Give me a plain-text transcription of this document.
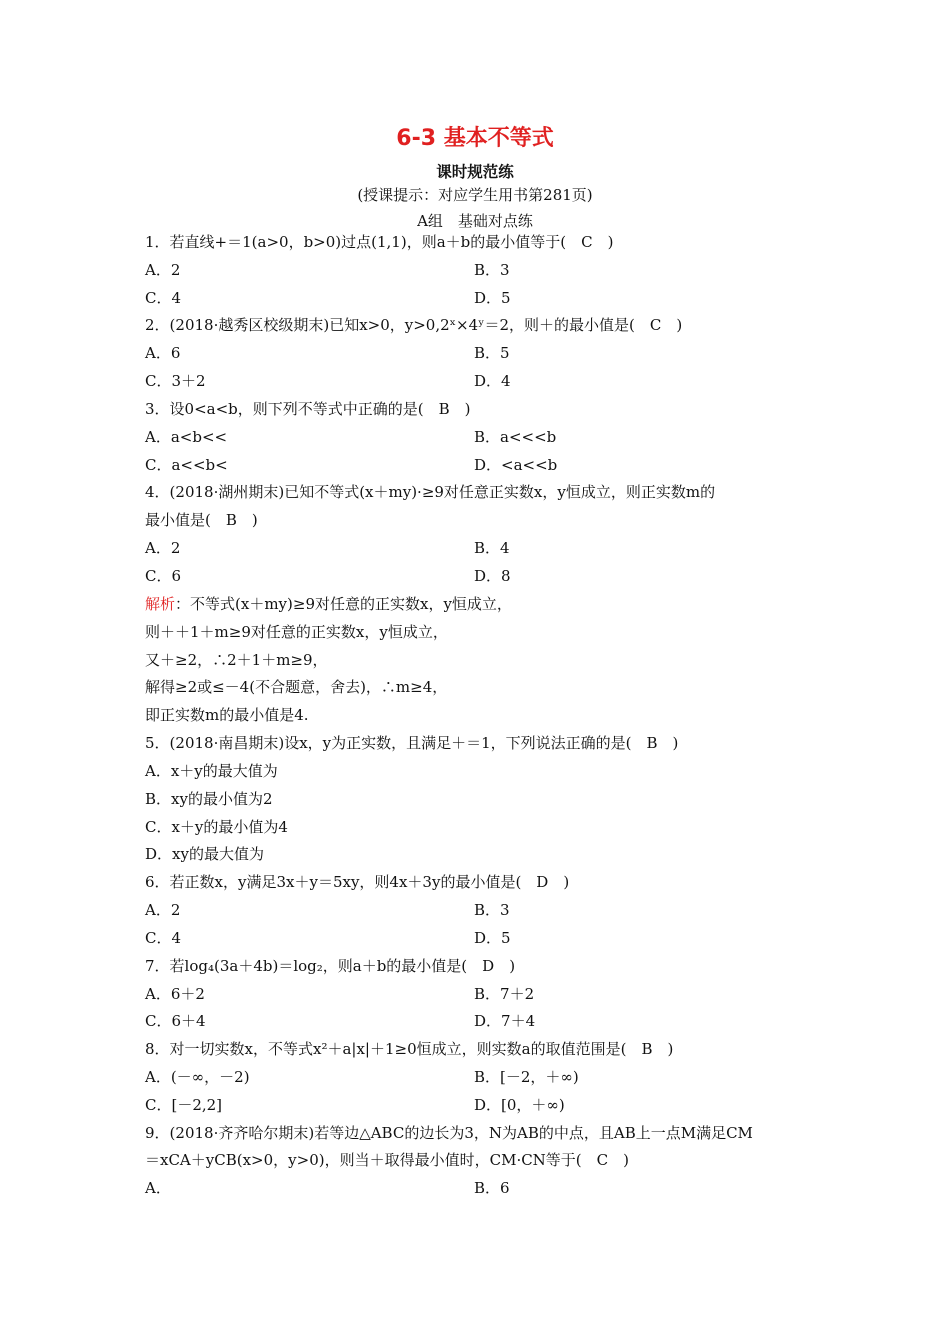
6-3 基本不等式
课时规范练
(授课提示：对应学生用书第281页)
A组　基础对点练
1．若直线+＝1(a>0，b>0)过点(1,1)，则a＋b的最小值等于(　C　)
A．2	B．3
C．4	D．5
2．(2018·越秀区校级期末)已知x>0，y>0,2ˣ×4ʸ＝2，则＋的最小值是(　C　)
A．6	B．5
C．3＋2	D．4
3．设0<a<b，则下列不等式中正确的是(　B　)
A．a<b<<	B．a<<<b
C．a<<b<	D．<a<<b
4．(2018·湖州期末)已知不等式(x＋my)·≥9对任意正实数x，y恒成立，则正实数m的
最小值是(　B　)
A．2	B．4
C．6	D．8
解析：不等式(x＋my)≥9对任意的正实数x，y恒成立，
则＋＋1＋m≥9对任意的正实数x，y恒成立，
又＋≥2，∴2＋1＋m≥9，
解得≥2或≤－4(不合题意，舍去)，∴m≥4，
即正实数m的最小值是4.
5．(2018·南昌期末)设x，y为正实数，且满足＋＝1，下列说法正确的是(　B　)
A．x＋y的最大值为
B．xy的最小值为2
C．x＋y的最小值为4
D．xy的最大值为
6．若正数x，y满足3x＋y＝5xy，则4x＋3y的最小值是(　D　)
A．2	B．3
C．4	D．5
7．若log₄(3a＋4b)＝log₂，则a＋b的最小值是(　D　)
A．6＋2	B．7＋2
C．6＋4	D．7＋4
8．对一切实数x，不等式x²＋a|x|＋1≥0恒成立，则实数a的取值范围是(　B　)
A．(－∞，－2)	B．[－2，＋∞)
C．[－2,2]	D．[0，＋∞)
9．(2018·齐齐哈尔期末)若等边△ABC的边长为3，N为AB的中点，且AB上一点M满足CM
＝xCA＋yCB(x>0，y>0)，则当＋取得最小值时，CM·CN等于(　C　)
A．	B．6
